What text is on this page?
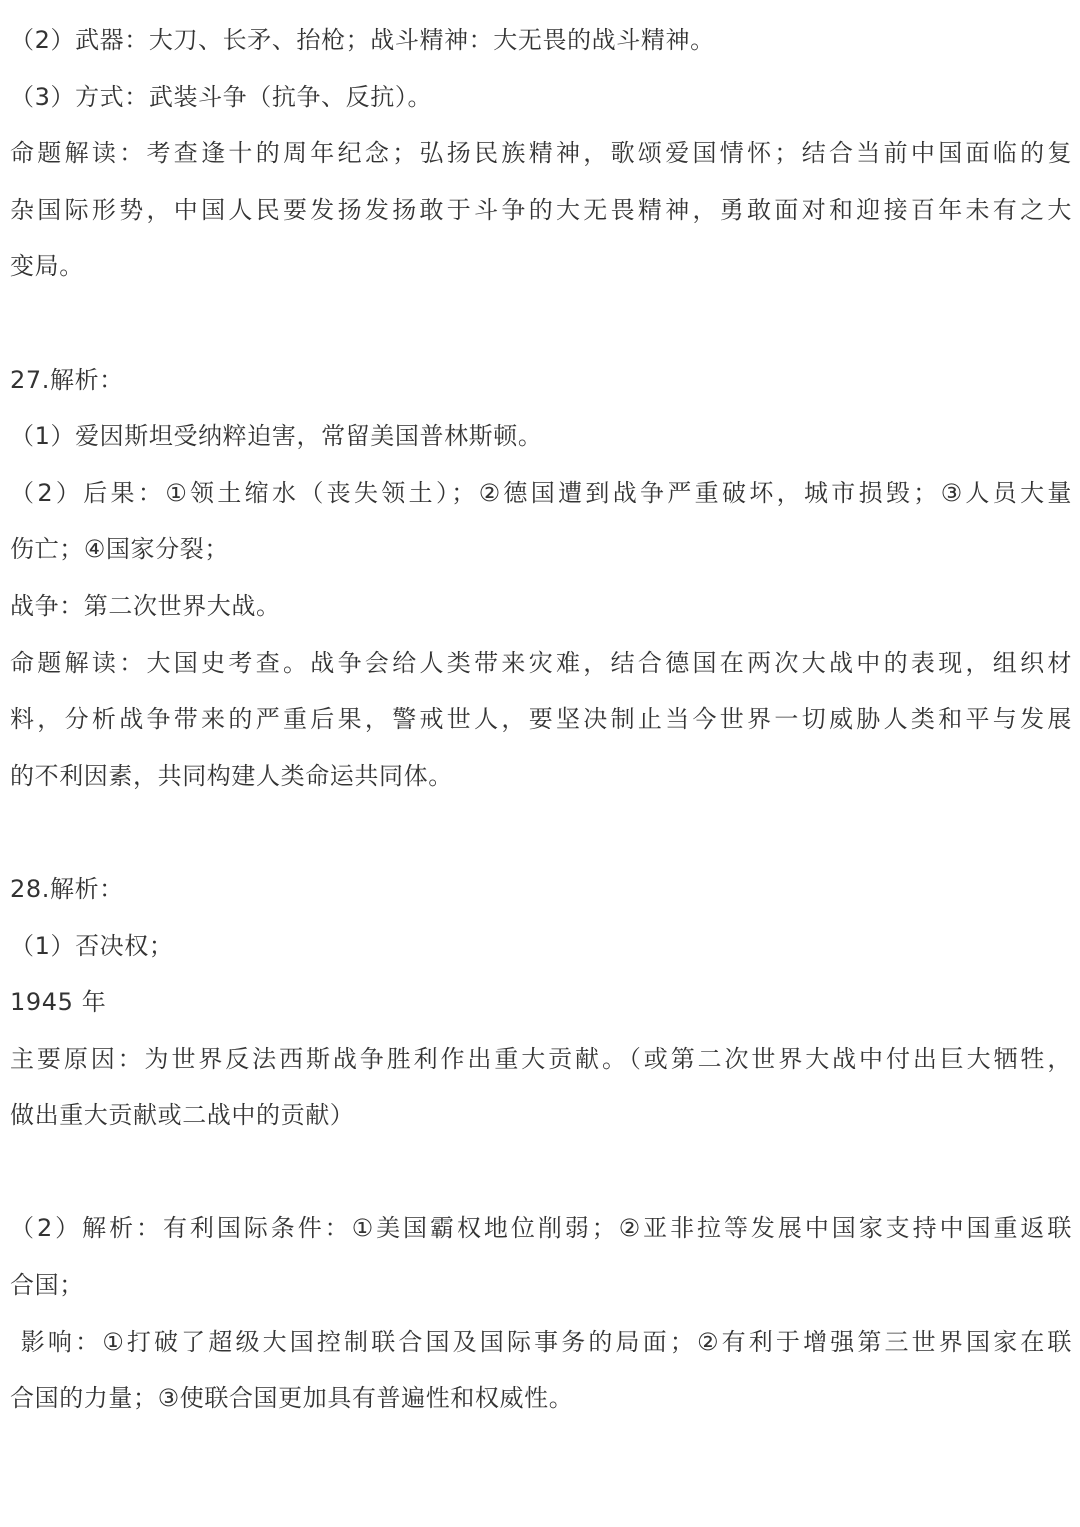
（2）武器：大刀、长矛、抬枪；战斗精神：大无畏的战斗精神。
（3）方式：武装斗争（抗争、反抗）。
命题解读：考查逢十的周年纪念；弘扬民族精神，歌颂爱国情怀；结合当前中国面临的复
杂国际形势，中国人民要发扬发扬敢于斗争的大无畏精神，勇敢面对和迎接百年未有之大
变局。
27.解析：
（1）爱因斯坦受纳粹迫害，常留美国普林斯顿。
（2）后果：①领土缩水（丧失领土）；②德国遭到战争严重破坏，城市损毁；③人员大量
伤亡；④国家分裂；
战争：第二次世界大战。
命题解读：大国史考查。战争会给人类带来灾难，结合德国在两次大战中的表现，组织材
料，分析战争带来的严重后果，警戒世人，要坚决制止当今世界一切威胁人类和平与发展
的不利因素，共同构建人类命运共同体。
28.解析：
（1）否决权；
1945 年
主要原因：为世界反法西斯战争胜利作出重大贡献。（或第二次世界大战中付出巨大牺牲，
做出重大贡献或二战中的贡献）
（2）解析：有利国际条件：①美国霸权地位削弱；②亚非拉等发展中国家支持中国重返联
合国；
影响：①打破了超级大国控制联合国及国际事务的局面；②有利于增强第三世界国家在联
合国的力量；③使联合国更加具有普遍性和权威性。
